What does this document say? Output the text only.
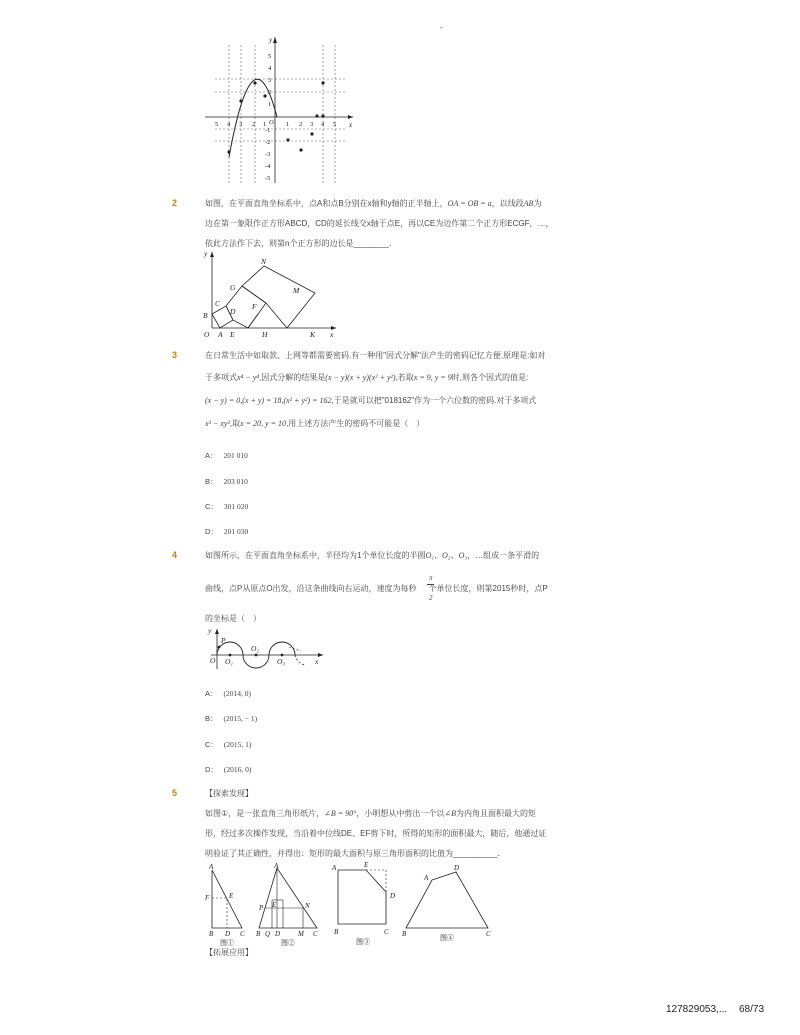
-
y
x
5 4 3 2 1 O 1 2 3 4 5
5
4
3
2
1
-1
-2
-3
-4
-5
2	如图，在平面直角坐标系中，点A和点B分别在x轴和y轴的正半轴上，OA = OB = a，以线段AB为
边在第一象限作正方形ABCD，CD的延长线交x轴于点E，再以CE为边作第二个正方形ECGF，…，
依此方法作下去，则第n个正方形的边长是________．
y
N
G	M
F
C
D
B
O A E	H	K x
3	在日常生活中如取款、上网等都需要密码.有一种用"因式分解"法产生的密码记忆方便.原理是:如对
于多项式x⁴ − y⁴,因式分解的结果是(x − y)(x + y)(x² + y²),若取x = 9, y = 9时,则各个因式的值是:
(x − y) = 0,(x + y) = 18,(x² + y²) = 162,于是就可以把"018162"作为一个六位数的密码.对于多项式
x³ − xy²,取x = 20, y = 10,用上述方法产生的密码不可能是（　）
A： 201 010
B： 203 010
C： 301 020
D： 201 030
4	如图所示，在平面直角坐标系中，半径均为1个单位长度的半圆O₁、O₂、O₃，…组成一条平滑的
π
2
曲线，点P从原点O出发，沿这条曲线向右运动，速度为每秒 个单位长度，则第2015秒时，点P
的坐标是（　）
y
P
O O₁
O₂
O₃	x
A： (2014, 0)
B： (2015, − 1)
C： (2015, 1)
D： (2016, 0)
5	【探索发现】
如图①，是一张直角三角形纸片，∠B = 90°，小明想从中剪出一个以∠B为内角且面积最大的矩
形，经过多次操作发现，当沿着中位线DE、EF剪下时，所得的矩形的面积最大，随后，他通过证
明验证了其正确性，并得出：矩形的最大面积与原三角形面积的比值为__________．
A
F	E
B D C
图①
A
P E	N
B Q D	M C
图②
A	E
D
B	C
图③
A
D
B	C
图④
【拓展应用】
127829053,... 68/73
